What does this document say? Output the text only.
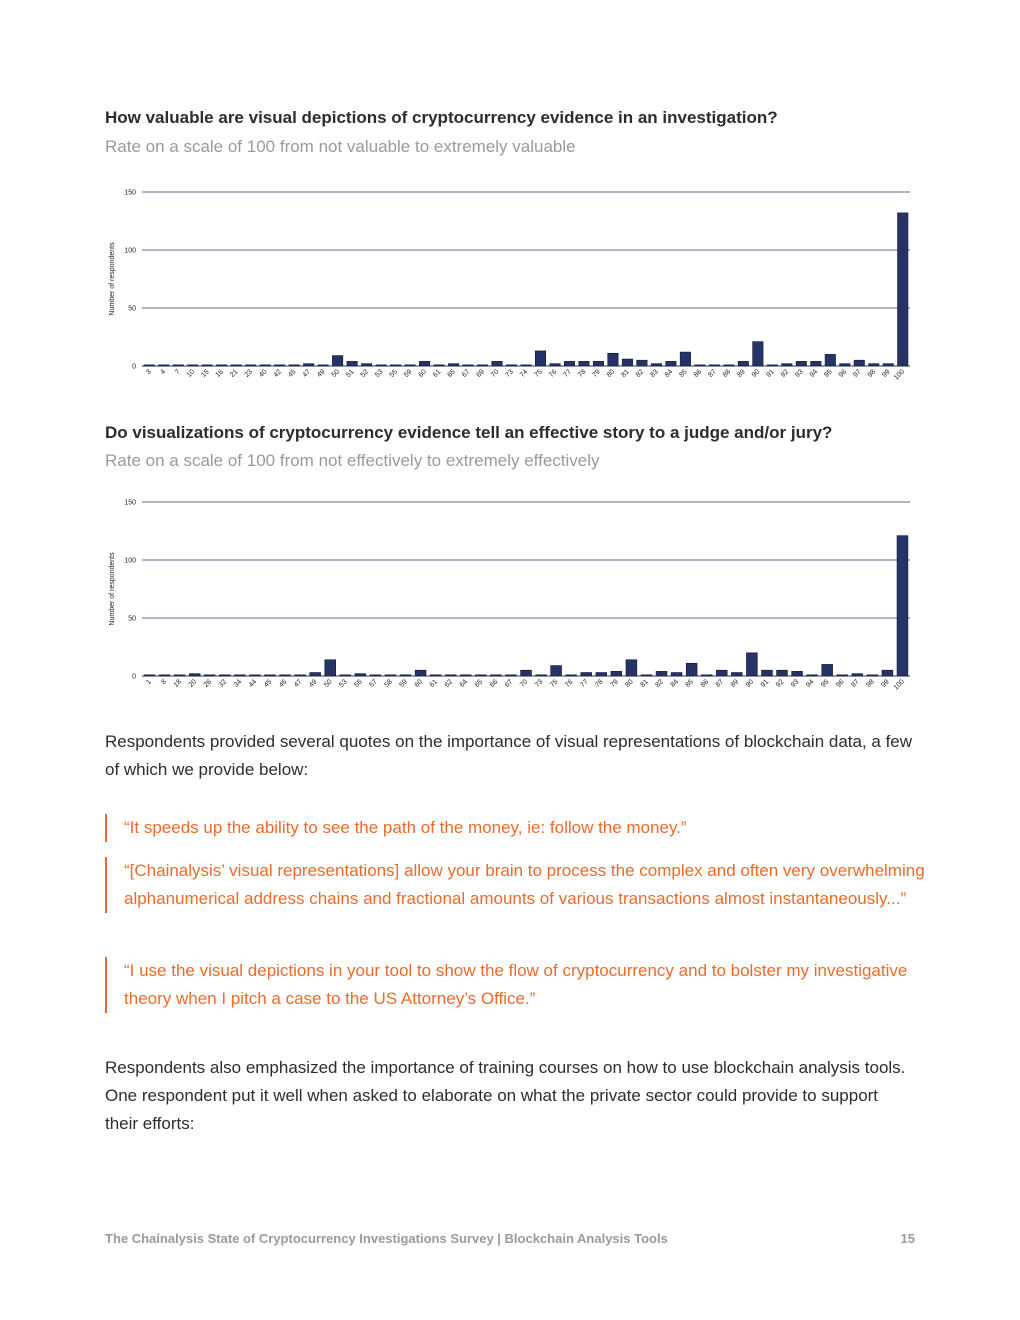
How valuable are visual depictions of cryptocurrency evidence in an investigation?

Rate on a scale of 100 from not valuable to extremely valuable

Number of respondents
0
50
100
150
3 4 7 10 15 16 21 23 40 42 45 47 49 50 51 52 53 55 59 60 61 65 67 69 70 73 74 75 76 77 78 79 80 81 82 83 84 85 86 87 88 89 90 91 92 93 94 95 96 97 98 99 100
Do visualizations of cryptocurrency evidence tell an effective story to a judge and/or jury?

Rate on a scale of 100 from not effectively to extremely effectively

Number of respondents
0
50
100
150
1 8 18 20 26 32 34 44 45 46 47 49 50 53 55 57 58 59 60 61 62 64 65 66 67 70 73 75 76 77 78 79 80 81 82 84 85 86 87 89 90 91 92 93 94 95 96 97 98 99 100

Respondents provided several quotes on the importance of visual representations of blockchain data, a few of which we provide below:

“It speeds up the ability to see the path of the money, ie: follow the money.”
“[Chainalysis’ visual representations] allow your brain to process the complex and often very overwhelming alphanumerical address chains and fractional amounts of various transactions almost instantaneously...”
“I use the visual depictions in your tool to show the flow of cryptocurrency and to bolster my investigative theory when I pitch a case to the US Attorney’s Office.”

Respondents also emphasized the importance of training courses on how to use blockchain analysis tools. One respondent put it well when asked to elaborate on what the private sector could provide to support their efforts:

The Chainalysis State of Cryptocurrency Investigations Survey | Blockchain Analysis Tools	15
